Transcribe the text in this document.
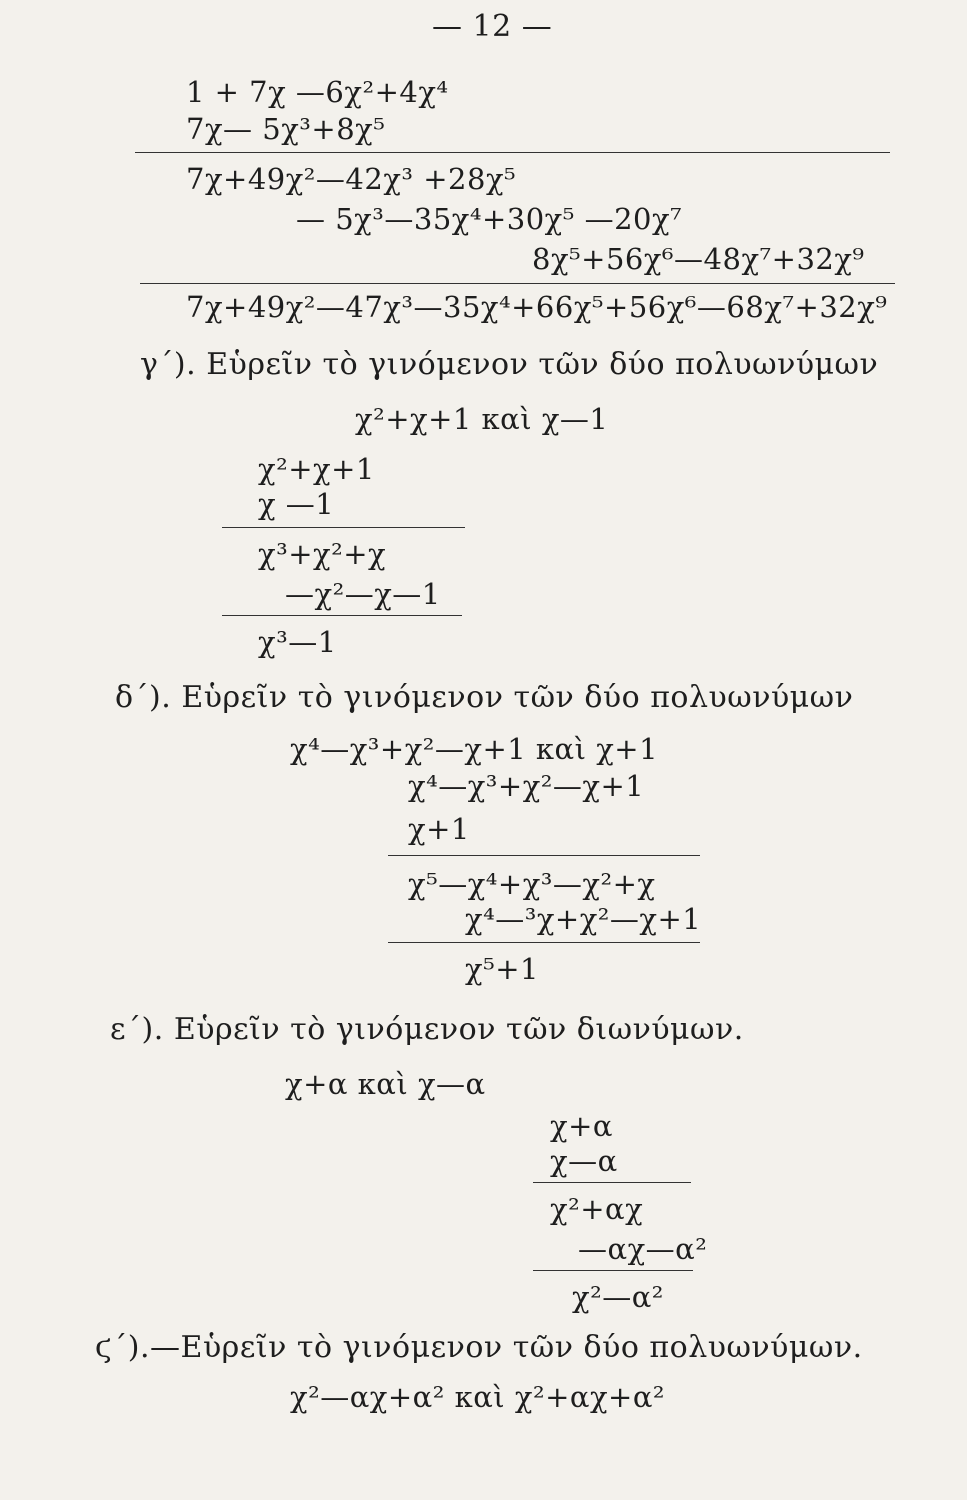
— 12 —
1 + 7χ —6χ²+4χ⁴
7χ— 5χ³+8χ⁵
7χ+49χ²—42χ³ +28χ⁵
— 5χ³—35χ⁴+30χ⁵ —20χ⁷
8χ⁵+56χ⁶—48χ⁷+32χ⁹
7χ+49χ²—47χ³—35χ⁴+66χ⁵+56χ⁶—68χ⁷+32χ⁹
γ΄). Εὑρεῖν τὸ γινόμενον τῶν δύο πολυωνύμων
χ²+χ+1 καὶ χ—1
χ²+χ+1
χ —1
χ³+χ²+χ
—χ²—χ—1
χ³—1
δ΄). Εὑρεῖν τὸ γινόμενον τῶν δύο πολυωνύμων
χ⁴—χ³+χ²—χ+1 καὶ χ+1
χ⁴—χ³+χ²—χ+1
χ+1
χ⁵—χ⁴+χ³—χ²+χ
χ⁴—³χ+χ²—χ+1
χ⁵+1
ε΄). Εὑρεῖν τὸ γινόμενον τῶν διωνύμων.
χ+α καὶ χ—α
χ+α
χ—α
χ²+αχ
—αχ—α²
χ²—α²
ϛ΄).—Εὑρεῖν τὸ γινόμενον τῶν δύο πολυωνύμων.
χ²—αχ+α² καὶ χ²+αχ+α²
